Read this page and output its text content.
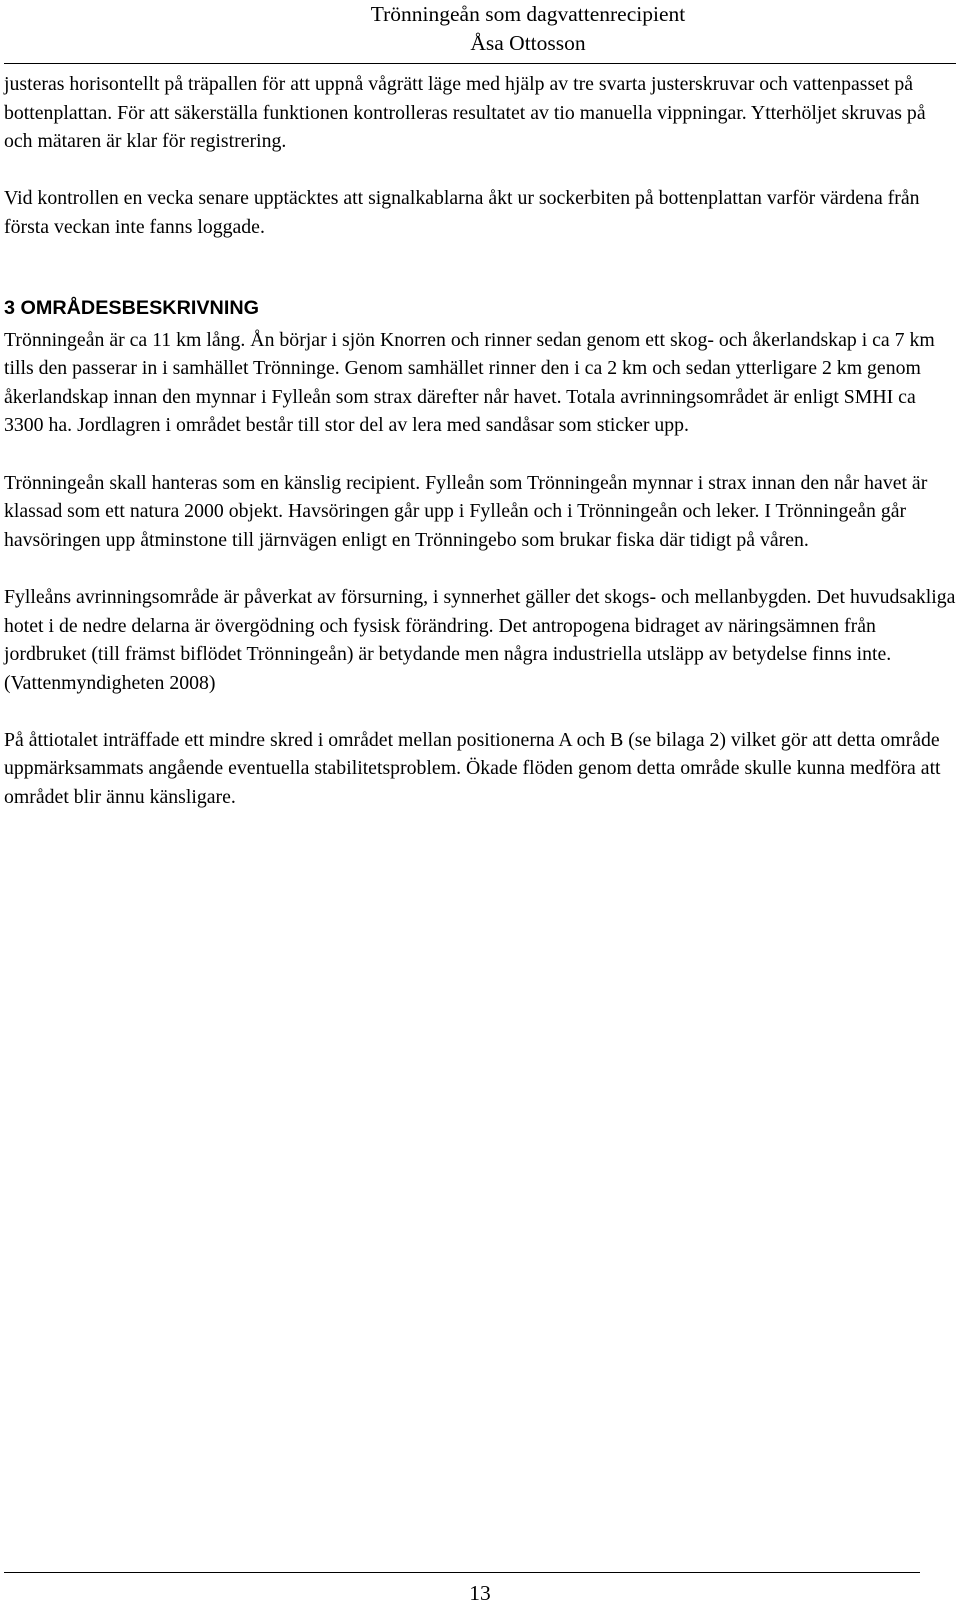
Trönningeån som dagvattenrecipient
Åsa Ottosson

justeras horisontellt på träpallen för att uppnå vågrätt läge med hjälp av tre svarta justerskruvar och vattenpasset på bottenplattan. För att säkerställa funktionen kontrolleras resultatet av tio manuella vippningar. Ytterhöljet skruvas på och mätaren är klar för registrering.

Vid kontrollen en vecka senare upptäcktes att signalkablarna åkt ur sockerbiten på bottenplattan varför värdena från första veckan inte fanns loggade.

3 OMRÅDESBESKRIVNING

Trönningeån är ca 11 km lång. Ån börjar i sjön Knorren och rinner sedan genom ett skog- och åkerlandskap i ca 7 km tills den passerar in i samhället Trönninge. Genom samhället rinner den i ca 2 km och sedan ytterligare 2 km genom åkerlandskap innan den mynnar i Fylleån som strax därefter når havet. Totala avrinningsområdet är enligt SMHI ca 3300 ha. Jordlagren i området består till stor del av lera med sandåsar som sticker upp.

Trönningeån skall hanteras som en känslig recipient. Fylleån som Trönningeån mynnar i strax innan den når havet är klassad som ett natura 2000 objekt. Havsöringen går upp i Fylleån och i Trönningeån och leker. I Trönningeån går havsöringen upp åtminstone till järnvägen enligt en Trönningebo som brukar fiska där tidigt på våren.

Fylleåns avrinningsområde är påverkat av försurning, i synnerhet gäller det skogs- och mellanbygden. Det huvudsakliga hotet i de nedre delarna är övergödning och fysisk förändring. Det antropogena bidraget av näringsämnen från jordbruket (till främst biflödet Trönningeån) är betydande men några industriella utsläpp av betydelse finns inte. (Vattenmyndigheten 2008)

På åttiotalet inträffade ett mindre skred i området mellan positionerna A och B (se bilaga 2) vilket gör att detta område uppmärksammats angående eventuella stabilitetsproblem. Ökade flöden genom detta område skulle kunna medföra att området blir ännu känsligare.

13
